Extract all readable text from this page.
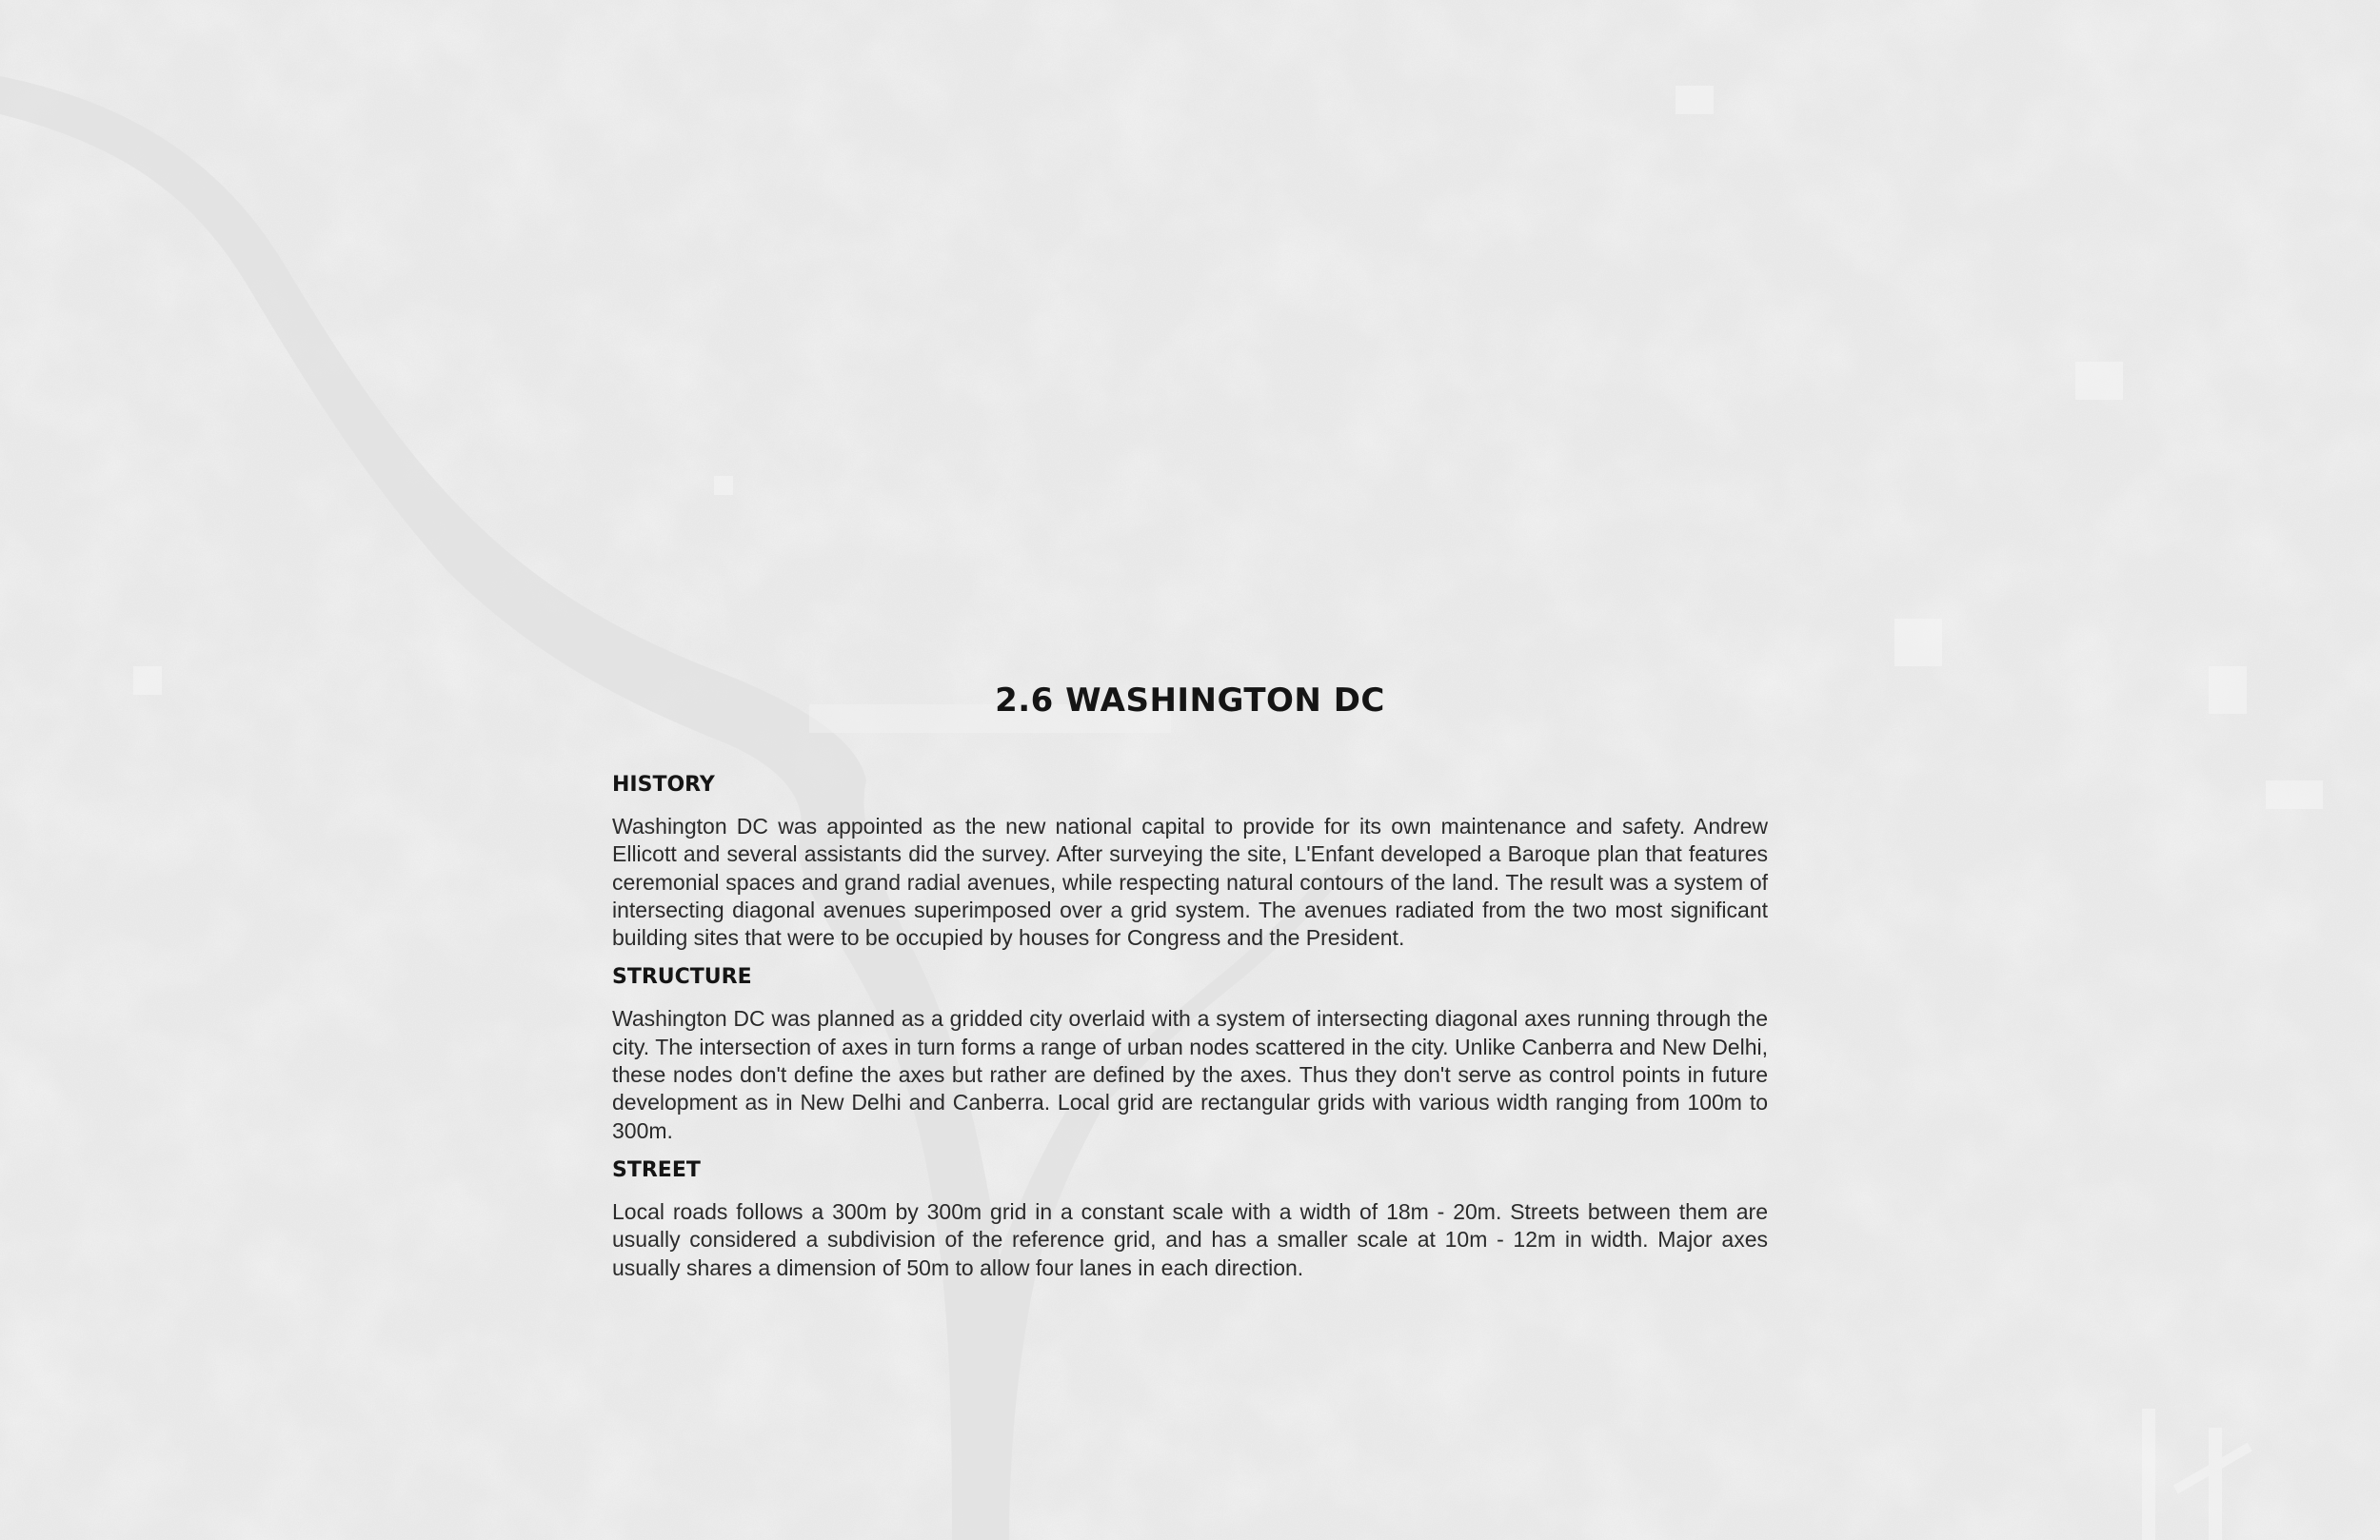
2.6 WASHINGTON DC
HISTORY

Washington DC was appointed as the new national capital to provide for its own maintenance and safety. Andrew Ellicott and several assistants did the survey. After surveying the site, L'Enfant developed a Baroque plan that features ceremonial spaces and grand radial avenues, while respecting natural contours of the land. The result was a system of intersecting diagonal avenues superimposed over a grid system. The avenues radiated from the two most significant building sites that were to be occupied by houses for Congress and the President.

STRUCTURE

Washington DC was planned as a gridded city overlaid with a system of intersecting diagonal axes running through the city. The intersection of axes in turn forms a range of urban nodes scattered in the city. Unlike Canberra and New Delhi, these nodes don't define the axes but rather are defined by the axes. Thus they don't serve as control points in future development as in New Delhi and Canberra. Local grid are rectangular grids with various width ranging from 100m to 300m.

STREET

Local roads follows a 300m by 300m grid in a constant scale with a width of 18m - 20m. Streets between them are usually considered a subdivision of the reference grid, and has a smaller scale at 10m - 12m in width. Major axes usually shares a dimension of 50m to allow four lanes in each direction.
